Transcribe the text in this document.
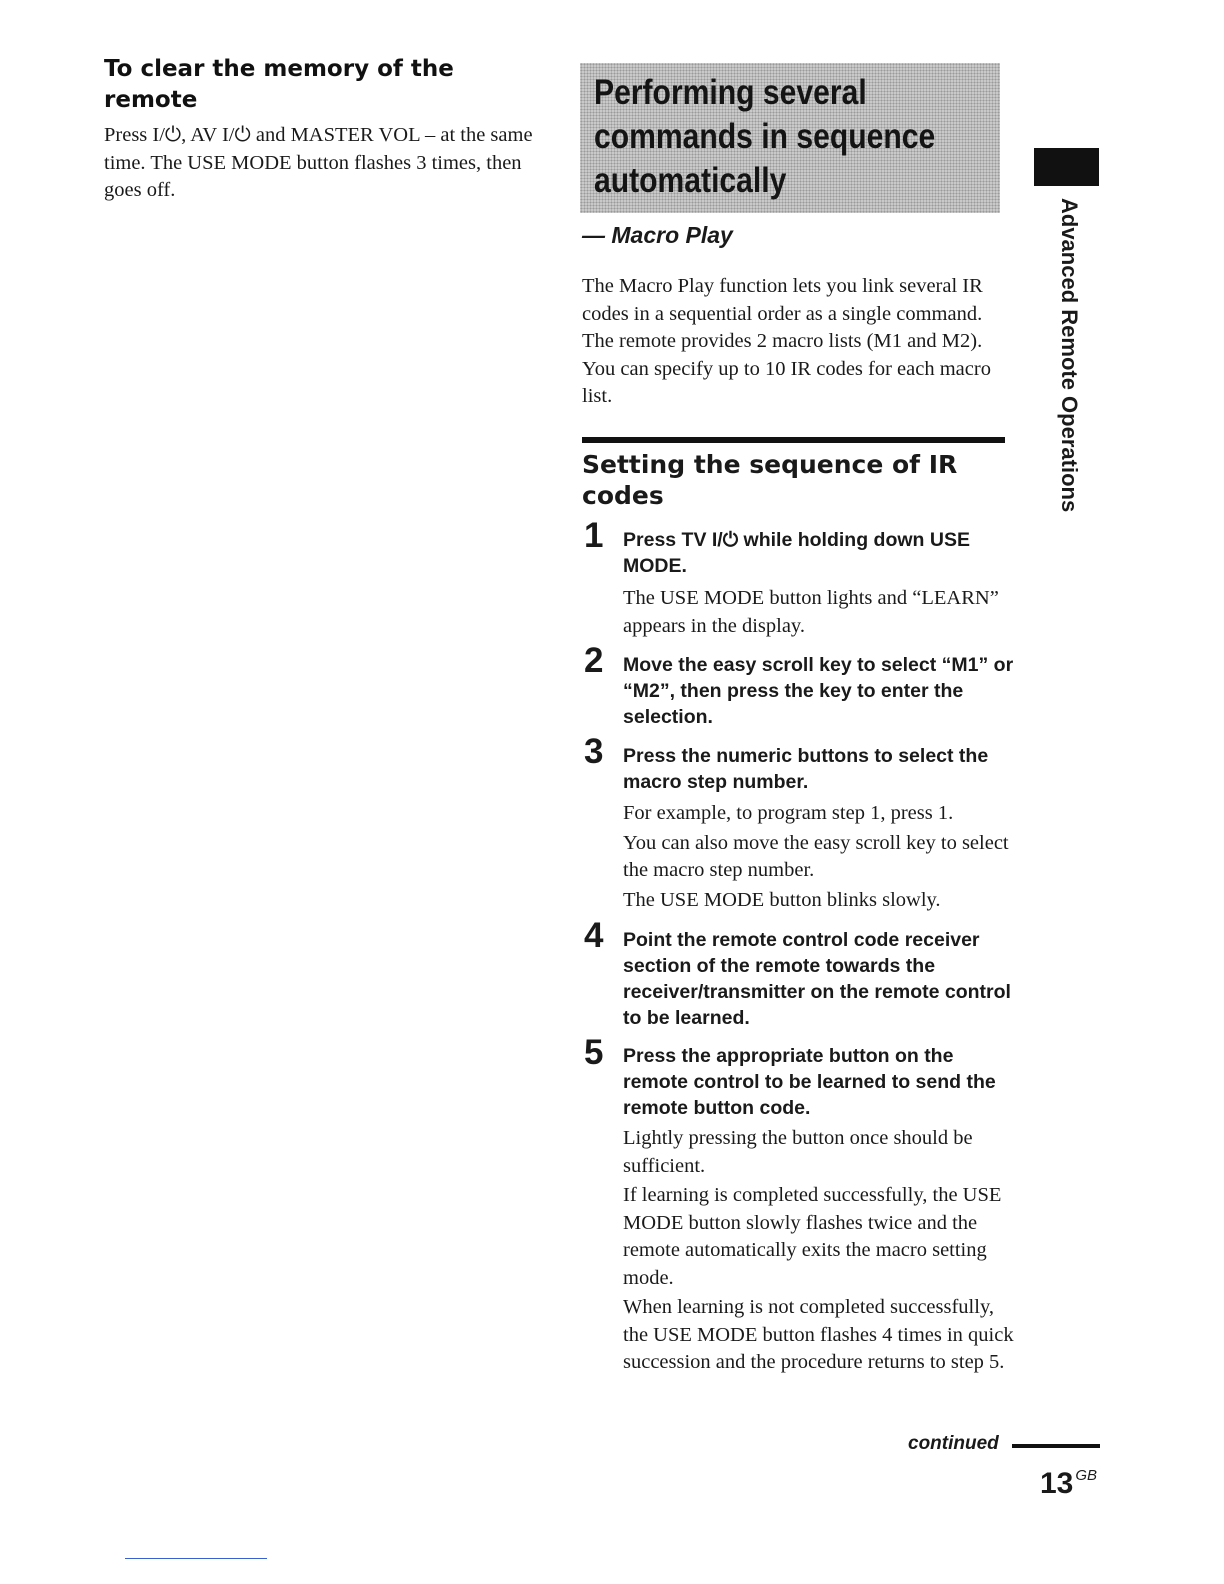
To clear the memory of the remote
Press I/⏻, AV I/⏻ and MASTER VOL – at the same time. The USE MODE button flashes 3 times, then goes off.
Performing several
commands in sequence
automatically
— Macro Play
The Macro Play function lets you link several IR codes in a sequential order as a single command. The remote provides 2 macro lists (M1 and M2). You can specify up to 10 IR codes for each macro list.
Setting the sequence of IR codes
1 Press TV I/⏻ while holding down USE MODE.

The USE MODE button lights and “LEARN” appears in the display.

2 Move the easy scroll key to select “M1” or “M2”, then press the key to enter the selection.
3 Press the numeric buttons to select the macro step number.

For example, to program step 1, press 1.

You can also move the easy scroll key to select the macro step number.

The USE MODE button blinks slowly.

4 Point the remote control code receiver section of the remote towards the receiver/transmitter on the remote control to be learned.
5 Press the appropriate button on the remote control to be learned to send the remote button code.

Lightly pressing the button once should be sufficient.

If learning is completed successfully, the USE MODE button slowly flashes twice and the remote automatically exits the macro setting mode.

When learning is not completed successfully, the USE MODE button flashes 4 times in quick succession and the procedure returns to step 5.

Advanced Remote Operations
continued
13 $^{GB}$
